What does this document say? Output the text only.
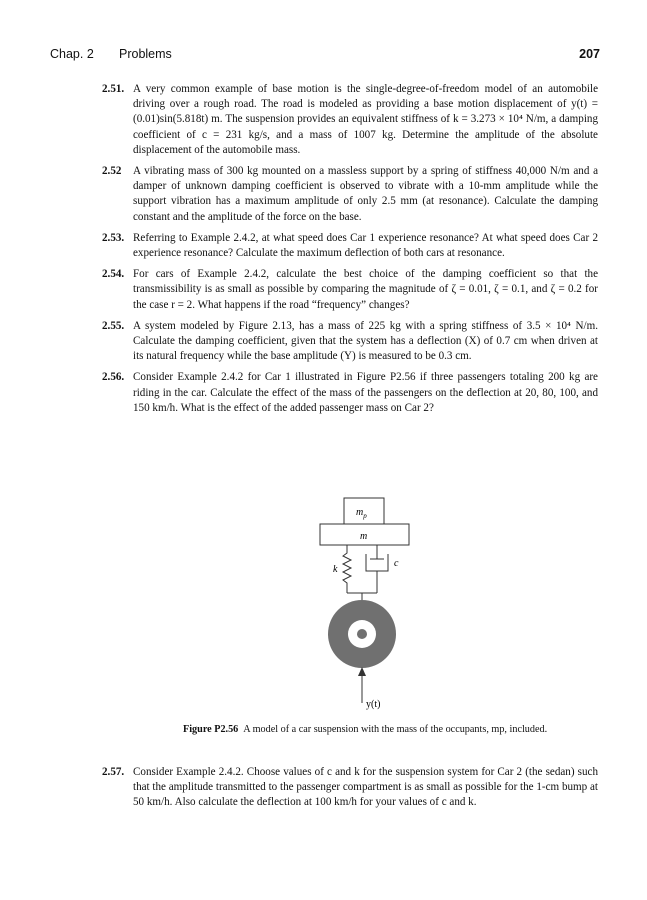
Chap. 2 Problems	207
2.51. A very common example of base motion is the single-degree-of-freedom model of an automobile driving over a rough road. The road is modeled as providing a base motion displacement of y(t) = (0.01)sin(5.818t) m. The suspension provides an equivalent stiffness of k = 3.273 × 10⁴ N/m, a damping coefficient of c = 231 kg/s, and a mass of 1007 kg. Determine the amplitude of the absolute displacement of the automobile mass.
2.52 A vibrating mass of 300 kg mounted on a massless support by a spring of stiffness 40,000 N/m and a damper of unknown damping coefficient is observed to vibrate with a 10-mm amplitude while the support vibration has a maximum amplitude of only 2.5 mm (at resonance). Calculate the damping constant and the amplitude of the force on the base.
2.53. Referring to Example 2.4.2, at what speed does Car 1 experience resonance? At what speed does Car 2 experience resonance? Calculate the maximum deflection of both cars at resonance.
2.54. For cars of Example 2.4.2, calculate the best choice of the damping coefficient so that the transmissibility is as small as possible by comparing the magnitude of ζ = 0.01, ζ = 0.1, and ζ = 0.2 for the case r = 2. What happens if the road “frequency” changes?
2.55. A system modeled by Figure 2.13, has a mass of 225 kg with a spring stiffness of 3.5 × 10⁴ N/m. Calculate the damping coefficient, given that the system has a deflection (X) of 0.7 cm when driven at its natural frequency while the base amplitude (Y) is measured to be 0.3 cm.
2.56. Consider Example 2.4.2 for Car 1 illustrated in Figure P2.56 if three passengers totaling 200 kg are riding in the car. Calculate the effect of the mass of the passengers on the deflection at 20, 80, 100, and 150 km/h. What is the effect of the added passenger mass on Car 2?
$m_p$
m
k
c
y(t)
Figure P2.56 A model of a car suspension with the mass of the occupants, mp, included.
2.57. Consider Example 2.4.2. Choose values of c and k for the suspension system for Car 2 (the sedan) such that the amplitude transmitted to the passenger compartment is as small as possible for the 1-cm bump at 50 km/h. Also calculate the deflection at 100 km/h for your values of c and k.
